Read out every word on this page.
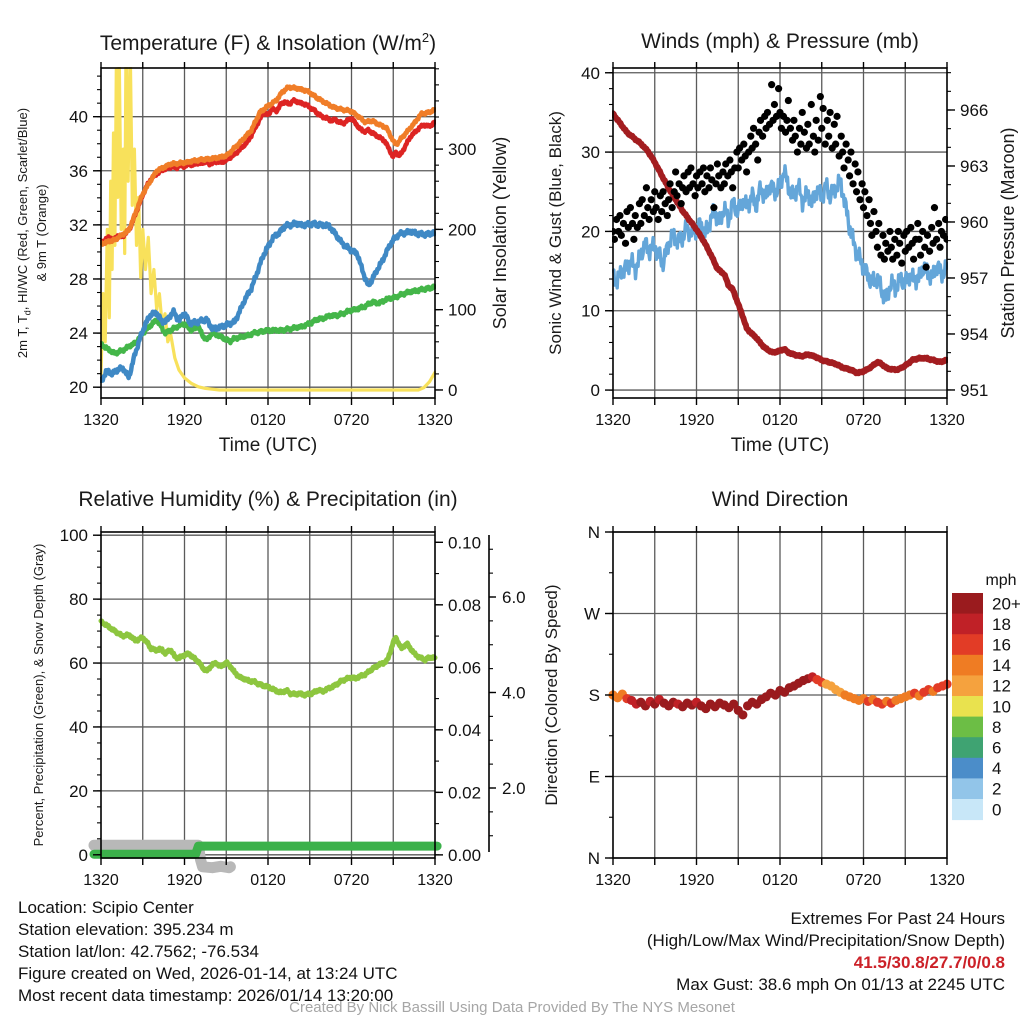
1320	1920	0120	0720	1320
20
24
28
32
36
40
0
100
200
300
1320	1920	0120	0720	1320
0
10
20
30
40
951
954
957
960
963
966
1320	1920	0120	0720	1320
0
20
40
60
80
100
0.00
0.02
0.04
0.06
0.08
0.10
2.0
4.0
6.0
1320	1920	0120	0720	1320
N
W
S
E
N
mph
20+
18
16
14
12
10
8
6
4
2
0
Temperature (F) & Insolation $(W/m^2)$	Winds (mph) & Pressure (mb)
Relative Humidity (%) & Precipitation (in)	Wind Direction
2m T, $T_d$, HI/WC (Red, Green, Scarlet/Blue) & 9m T (Orange)	Solar Insolation (Yellow) Sonic Wind & Gust (Blue, Black)	Station Pressure (Maroon)
Percent, Precipitation (Green), & Snow Depth (Gray)	Direction (Colored By Speed)
Time (UTC)	Time (UTC)
Location: Scipio Center
Station elevation: 395.234 m
Station lat/lon: 42.7562; -76.534
Figure created on Wed, 2026-01-14, at 13:24 UTC
Most recent data timestamp: 2026/01/14 13:20:00
Extremes For Past 24 Hours
(High/Low/Max Wind/Precipitation/Snow Depth)
41.5/30.8/27.7/0/0.8
Max Gust: 38.6 mph On 01/13 at 2245 UTC
Created By Nick Bassill Using Data Provided By The NYS Mesonet
